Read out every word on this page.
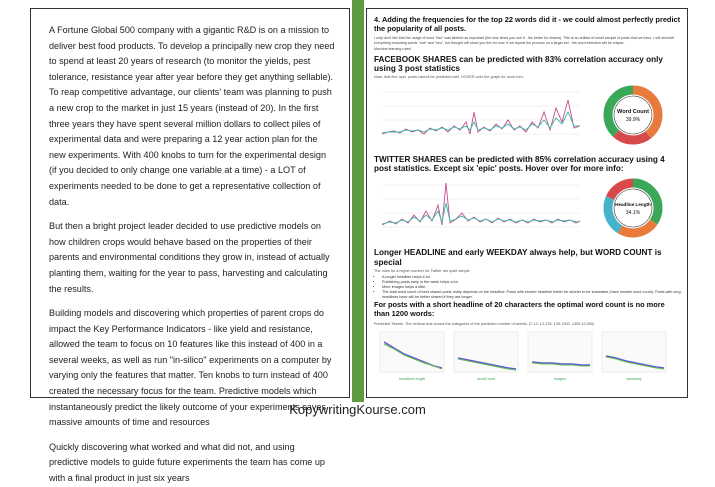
A Fortune Global 500 company with a gigantic R&D is on a mission to deliver best food products. To develop a principally new crop they need to spend at least 20 years of research (to monitor the yields, pest tolerance, resistance year after year before they get anything sellable). To reap competitive advantage, our clients' team was planning to push a new crop to the market in just 15 years (instead of 20). In the first three years they have spent several million dollars to collect piles of experimental data and were preparing a 12 year action plan for the new experiments. With 400 knobs to turn for the experimental design (if you decided to only change one variable at a time) - a LOT of experiments needed to be done to get a representative collection of data.

But then a bright project leader decided to use predictive models on how children crops would behave based on the properties of their parents and environmental conditions they grow in, instead of actually planting them, waiting for the year to pass, harvesting and calculating the results.

Building models and discovering which properties of parent crops do impact the Key Performance Indicators - like yield and resistance, allowed the team to focus on 10 features like this instead of 400 in a several weeks, as well as run "in-silico" experiments on a computer by varying only the features that matter. Ten knobs to turn instead of 400 created the necessary focus for the team. Predictive models which instantaneously predict the likely outcome of your experiments saves massive amounts of time and resources

Quickly discovering what worked and what did not, and using predictive models to guide future experiments the team has come up with a final product in just six years

4. Adding the frequencies for the top 22 words did it - we could almost perfectly predict the popularity of all posts.
I only don't like that the usage of word "two" was labeled as important (the less times you use it - the better for shares). This is an artifact of small sample of posts that we have. I will remodel everything excluding words "one" and "two", but thought will show you this for now. If we repeat the process on a larger set - the word selection will be crisper.
Machine learning rules!
FACEBOOK SHARES can be predicted with 83% correlation accuracy only using 3 post statistics
Note, that five 'epic' posts cannot be predicted well. HOVER over the graph for more info:
Word Count
39.9%
TWITTER SHARES can be predicted with 85% correlation accuracy using 4 post statistics. Except six 'epic' posts. Hover over for more info:
Headline Length
34.1%
Longer HEADLINE and early WEEKDAY always help, but WORD COUNT is special
The rules for a higher number for Twitter are quite simple:
• A longer headline helps a lot.
• Publishing posts early in the week helps a lot.
• More images helps a little.
• The total word count of best shared posts really depends on the headline: Posts with shorter headline better be shorter to be shareable (have smaller word count). Posts with long headlines have will be better shared if they are longer.
For posts with a short headline of 20 characters the optimal word count is no more than 1200 words:
Predicted Tweets. The vertical axis shows the categories of the predicted number of tweets. (7-13, 13-135, 135-1300, 1300-10,000)
headlineLength	wordCount	images	weekday
KopywritingKourse.com
